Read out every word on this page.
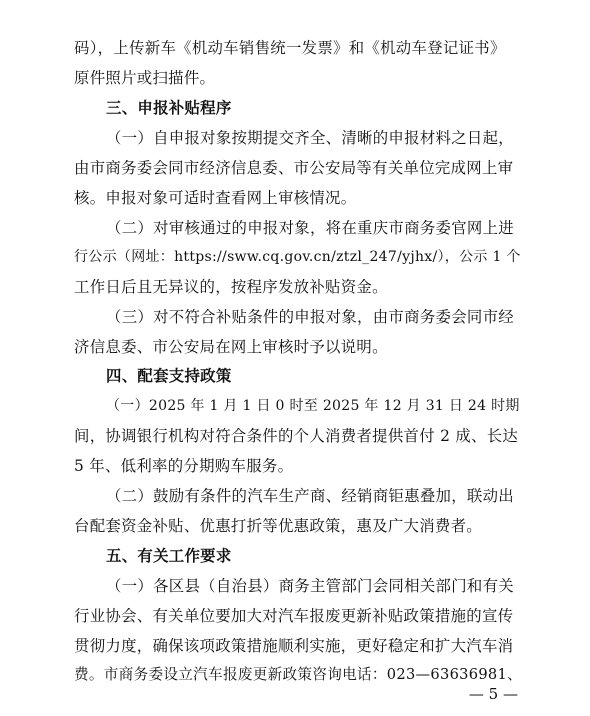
码），上传新车《机动车销售统一发票》和《机动车登记证书》
原件照片或扫描件。
三、申报补贴程序
（一）自申报对象按期提交齐全、清晰的申报材料之日起，
由市商务委会同市经济信息委、市公安局等有关单位完成网上审
核。申报对象可适时查看网上审核情况。
（二）对审核通过的申报对象，将在重庆市商务委官网上进
行公示（网址：https://sww.cq.gov.cn/ztzl_247/yjhx/），公示 1 个
工作日后且无异议的，按程序发放补贴资金。
（三）对不符合补贴条件的申报对象，由市商务委会同市经
济信息委、市公安局在网上审核时予以说明。
四、配套支持政策
（一）2025 年 1 月 1 日 0 时至 2025 年 12 月 31 日 24 时期
间，协调银行机构对符合条件的个人消费者提供首付 2 成、长达
5 年、低利率的分期购车服务。
（二）鼓励有条件的汽车生产商、经销商钜惠叠加，联动出
台配套资金补贴、优惠打折等优惠政策，惠及广大消费者。
五、有关工作要求
（一）各区县（自治县）商务主管部门会同相关部门和有关
行业协会、有关单位要加大对汽车报废更新补贴政策措施的宣传
贯彻力度，确保该项政策措施顺利实施，更好稳定和扩大汽车消
费。市商务委设立汽车报废更新政策咨询电话：023—63636981、
— 5 —
